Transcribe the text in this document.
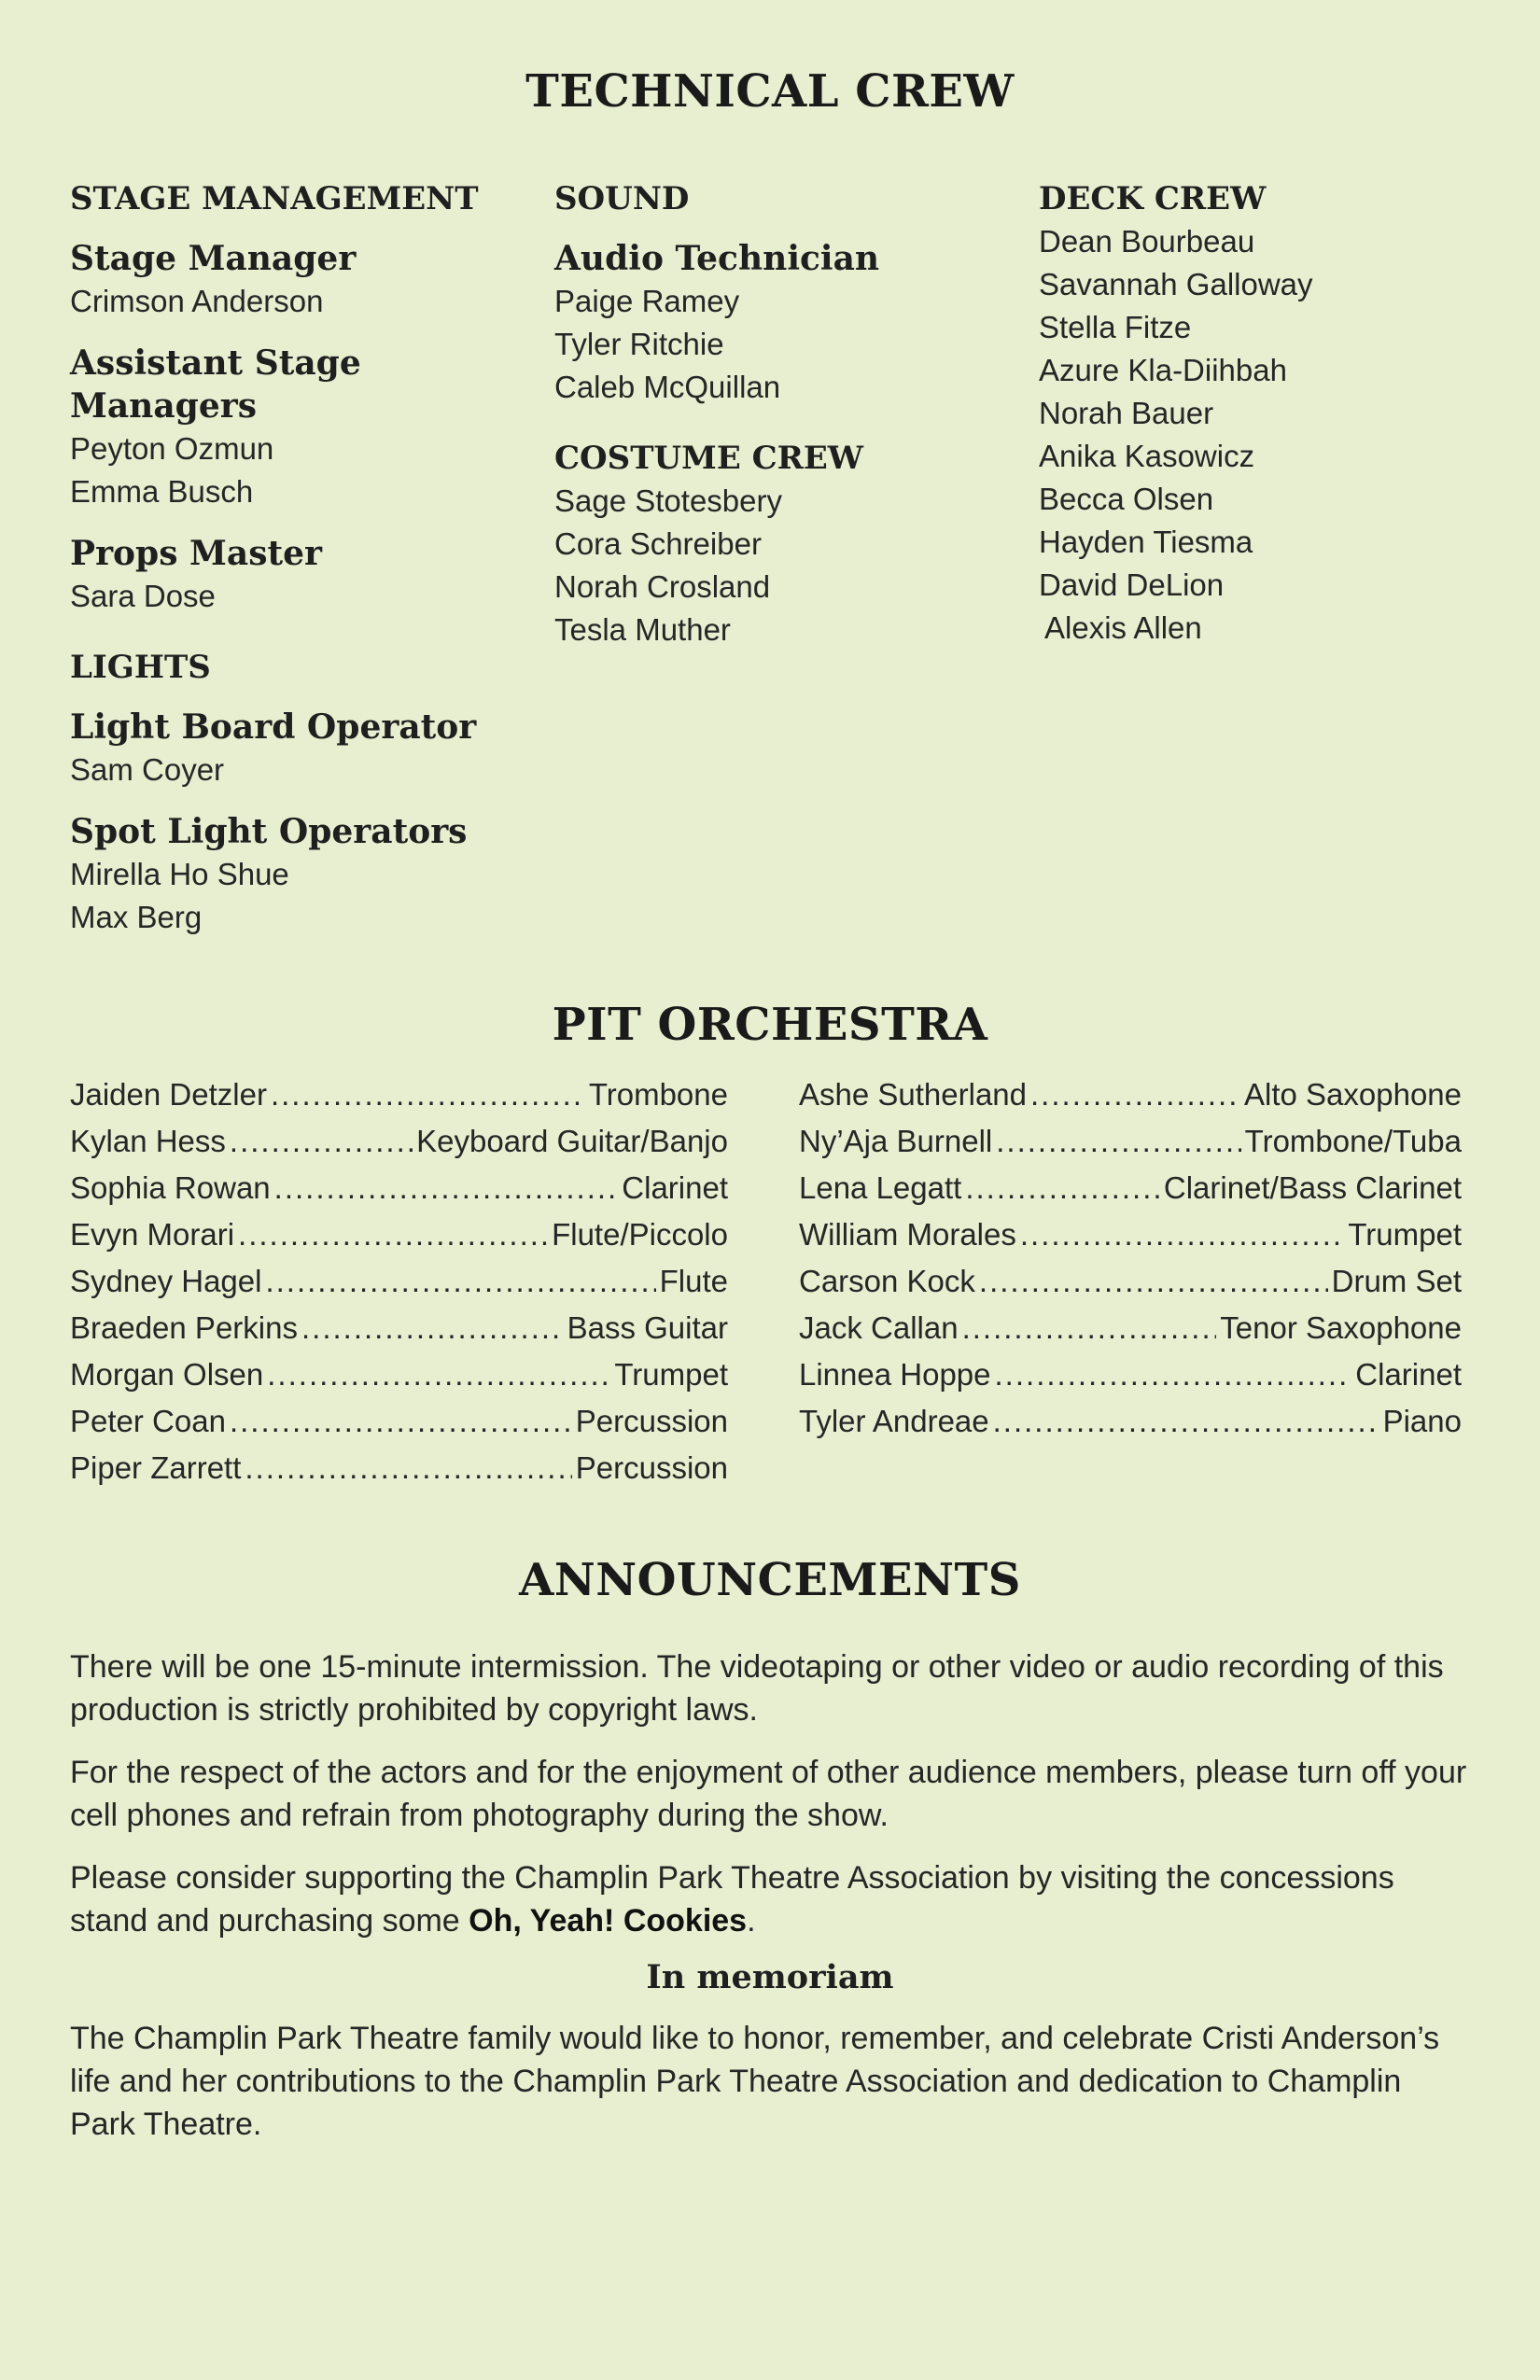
TECHNICAL CREW
STAGE MANAGEMENT
Stage Manager
Crimson Anderson
Assistant Stage Managers
Peyton Ozmun
Emma Busch
Props Master
Sara Dose
LIGHTS
Light Board Operator
Sam Coyer
Spot Light Operators
Mirella Ho Shue
Max Berg
SOUND
Audio Technician
Paige Ramey
Tyler Ritchie
Caleb McQuillan
COSTUME CREW
Sage Stotesbery
Cora Schreiber
Norah Crosland
Tesla Muther
DECK CREW
Dean Bourbeau
Savannah Galloway
Stella Fitze
Azure Kla-Diihbah
Norah Bauer
Anika Kasowicz
Becca Olsen
Hayden Tiesma
David DeLion
Alexis Allen
PIT ORCHESTRA
Jaiden Detzler .....	Trombone
Kylan Hess .....	Keyboard Guitar/Banjo
Sophia Rowan .....	Clarinet
Evyn Morari .....	Flute/Piccolo
Sydney Hagel .....	Flute
Braeden Perkins .....	Bass Guitar
Morgan Olsen .....	Trumpet
Peter Coan .....	Percussion
Piper Zarrett .....	Percussion
Ashe Sutherland .....	Alto Saxophone
Ny’Aja Burnell .....	Trombone/Tuba
Lena Legatt .....	Clarinet/Bass Clarinet
William Morales .....	Trumpet
Carson Kock .....	Drum Set
Jack Callan .....	Tenor Saxophone
Linnea Hoppe .....	Clarinet
Tyler Andreae .....	Piano
ANNOUNCEMENTS

There will be one 15-minute intermission. The videotaping or other video or audio recording of this production is strictly prohibited by copyright laws.

For the respect of the actors and for the enjoyment of other audience members, please turn off your cell phones and refrain from photography during the show.

Please consider supporting the Champlin Park Theatre Association by visiting the concessions stand and purchasing some Oh, Yeah! Cookies.

In memoriam

The Champlin Park Theatre family would like to honor, remember, and celebrate Cristi Anderson’s life and her contributions to the Champlin Park Theatre Association and dedication to Champlin Park Theatre.
